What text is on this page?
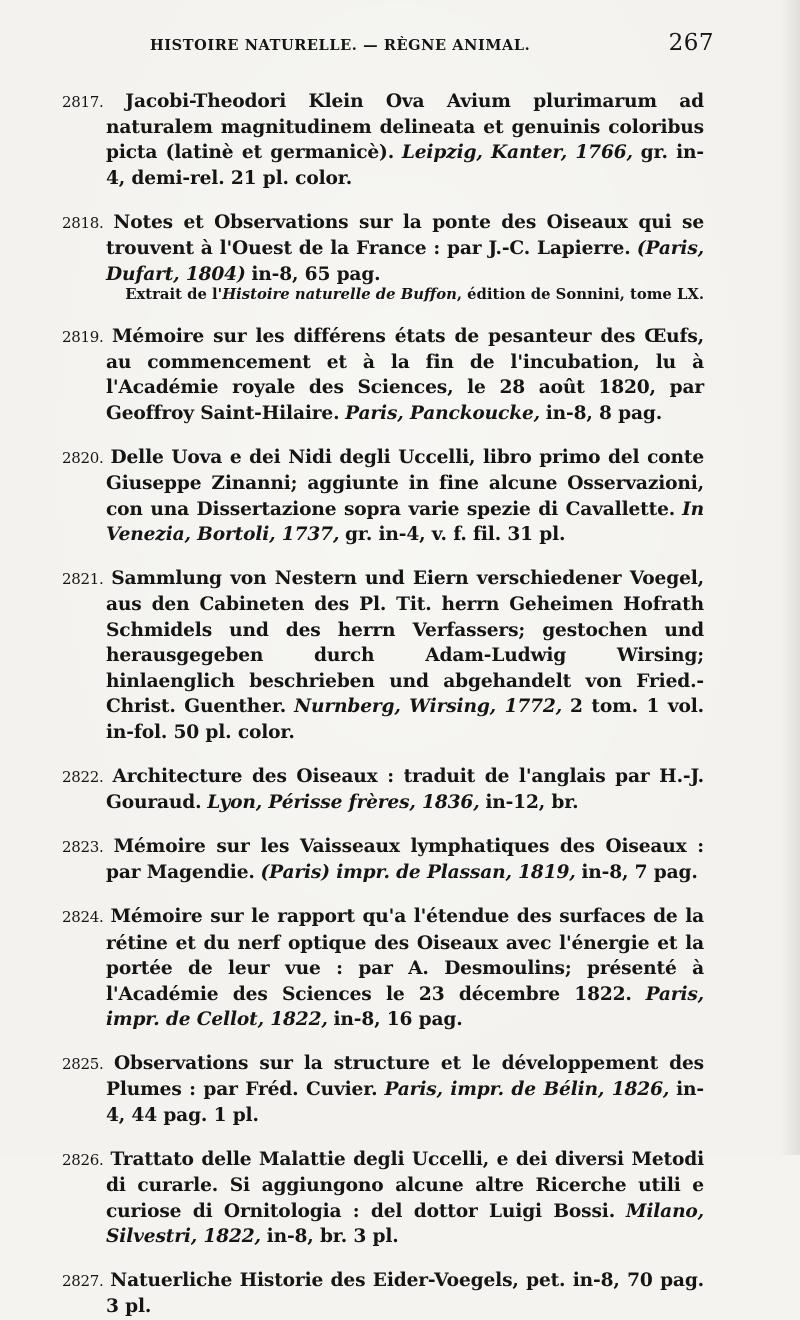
HISTOIRE NATURELLE. — RÈGNE ANIMAL.	267

2817. Jacobi-Theodori Klein Ova Avium plurimarum ad naturalem magnitudinem delineata et genuinis coloribus picta (latinè et germanicè). Leipzig, Kanter, 1766, gr. in-4, demi-rel. 21 pl. color.

2818. Notes et Observations sur la ponte des Oiseaux qui se trouvent à l'Ouest de la France : par J.-C. Lapierre. (Paris, Dufart, 1804) in-8, 65 pag.

Extrait de l'Histoire naturelle de Buffon, édition de Sonnini, tome LX.

2819. Mémoire sur les différens états de pesanteur des Œufs, au commencement et à la fin de l'incubation, lu à l'Académie royale des Sciences, le 28 août 1820, par Geoffroy Saint-Hilaire. Paris, Panckoucke, in-8, 8 pag.

2820. Delle Uova e dei Nidi degli Uccelli, libro primo del conte Giuseppe Zinanni; aggiunte in fine alcune Osservazioni, con una Dissertazione sopra varie spezie di Cavallette. In Venezia, Bortoli, 1737, gr. in-4, v. f. fil. 31 pl.

2821. Sammlung von Nestern und Eiern verschiedener Voegel, aus den Cabineten des Pl. Tit. herrn Geheimen Hofrath Schmidels und des herrn Verfassers; gestochen und herausgegeben durch Adam-Ludwig Wirsing; hinlaenglich beschrieben und abgehandelt von Fried.-Christ. Guenther. Nurnberg, Wirsing, 1772, 2 tom. 1 vol. in-fol. 50 pl. color.

2822. Architecture des Oiseaux : traduit de l'anglais par H.-J. Gouraud. Lyon, Périsse frères, 1836, in-12, br.

2823. Mémoire sur les Vaisseaux lymphatiques des Oiseaux : par Magendie. (Paris) impr. de Plassan, 1819, in-8, 7 pag.

2824. Mémoire sur le rapport qu'a l'étendue des surfaces de la rétine et du nerf optique des Oiseaux avec l'énergie et la portée de leur vue : par A. Desmoulins; présenté à l'Académie des Sciences le 23 décembre 1822. Paris, impr. de Cellot, 1822, in-8, 16 pag.

2825. Observations sur la structure et le développement des Plumes : par Fréd. Cuvier. Paris, impr. de Bélin, 1826, in-4, 44 pag. 1 pl.

2826. Trattato delle Malattie degli Uccelli, e dei diversi Metodi di curarle. Si aggiungono alcune altre Ricerche utili e curiose di Ornitologia : del dottor Luigi Bossi. Milano, Silvestri, 1822, in-8, br. 3 pl.

2827. Natuerliche Historie des Eider-Voegels, pet. in-8, 70 pag. 3 pl.
